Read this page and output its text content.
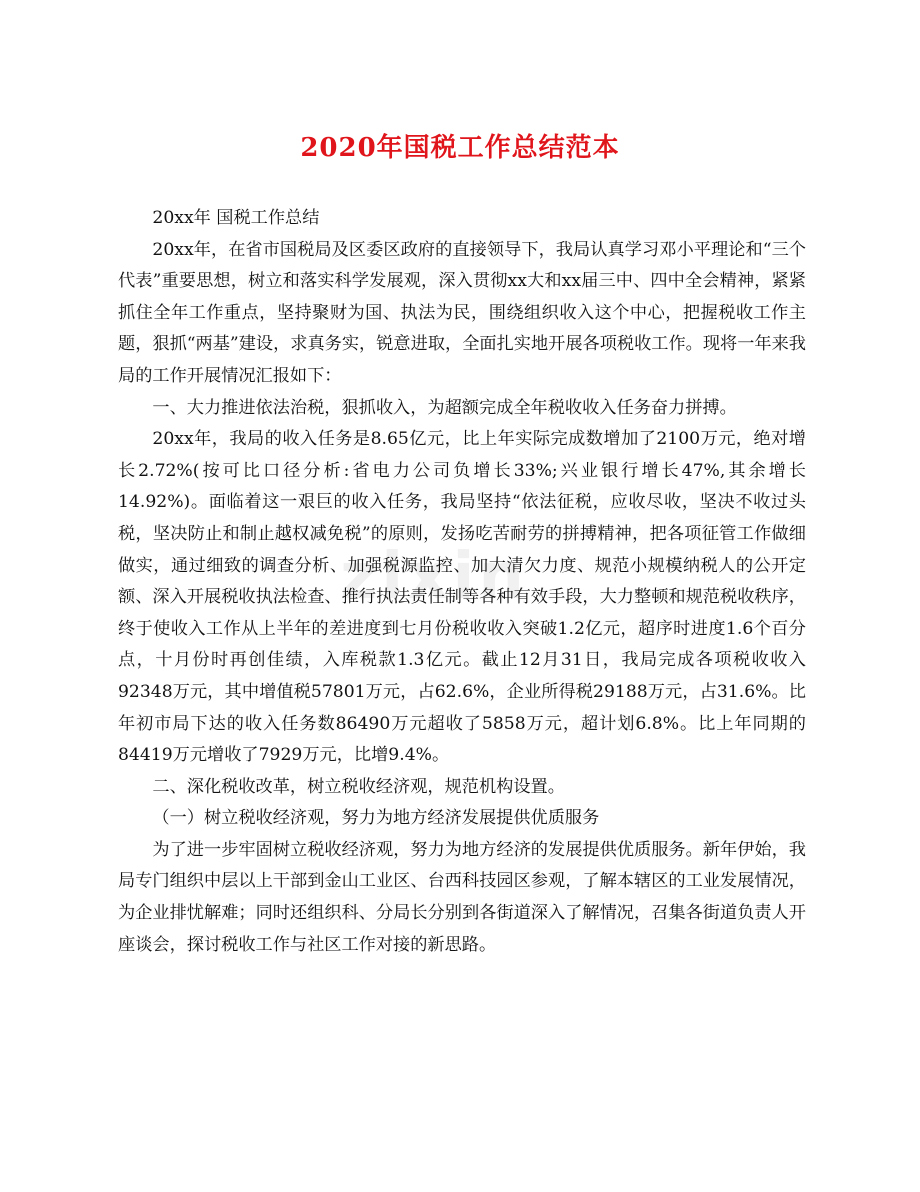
2020年国税工作总结范本
zixin

20xx年 国税工作总结

20xx年，在省市国税局及区委区政府的直接领导下，我局认真学习邓小平理论和“三个代表”重要思想，树立和落实科学发展观，深入贯彻xx大和xx届三中、四中全会精神，紧紧抓住全年工作重点，坚持聚财为国、执法为民，围绕组织收入这个中心，把握税收工作主题，狠抓“两基”建设，求真务实，锐意进取，全面扎实地开展各项税收工作。现将一年来我局的工作开展情况汇报如下：

一、大力推进依法治税，狠抓收入，为超额完成全年税收收入任务奋力拼搏。

20xx年，我局的收入任务是8.65亿元，比上年实际完成数增加了2100万元，绝对增长2.72%(按可比口径分析:省电力公司负增长33%;兴业银行增长47%,其余增长14.92%)。面临着这一艰巨的收入任务，我局坚持“依法征税，应收尽收，坚决不收过头税，坚决防止和制止越权减免税”的原则，发扬吃苦耐劳的拼搏精神，把各项征管工作做细做实，通过细致的调查分析、加强税源监控、加大清欠力度、规范小规模纳税人的公开定额、深入开展税收执法检查、推行执法责任制等各种有效手段，大力整顿和规范税收秩序，终于使收入工作从上半年的差进度到七月份税收收入突破1.2亿元，超序时进度1.6个百分点，十月份时再创佳绩，入库税款1.3亿元。截止12月31日，我局完成各项税收收入92348万元，其中增值税57801万元，占62.6%，企业所得税29188万元，占31.6%。比年初市局下达的收入任务数86490万元超收了5858万元，超计划6.8%。比上年同期的84419万元增收了7929万元，比增9.4%。

二、深化税收改革，树立税收经济观，规范机构设置。

（一）树立税收经济观，努力为地方经济发展提供优质服务

为了进一步牢固树立税收经济观，努力为地方经济的发展提供优质服务。新年伊始，我局专门组织中层以上干部到金山工业区、台西科技园区参观，了解本辖区的工业发展情况，为企业排忧解难；同时还组织科、分局长分别到各街道深入了解情况，召集各街道负责人开座谈会，探讨税收工作与社区工作对接的新思路。
